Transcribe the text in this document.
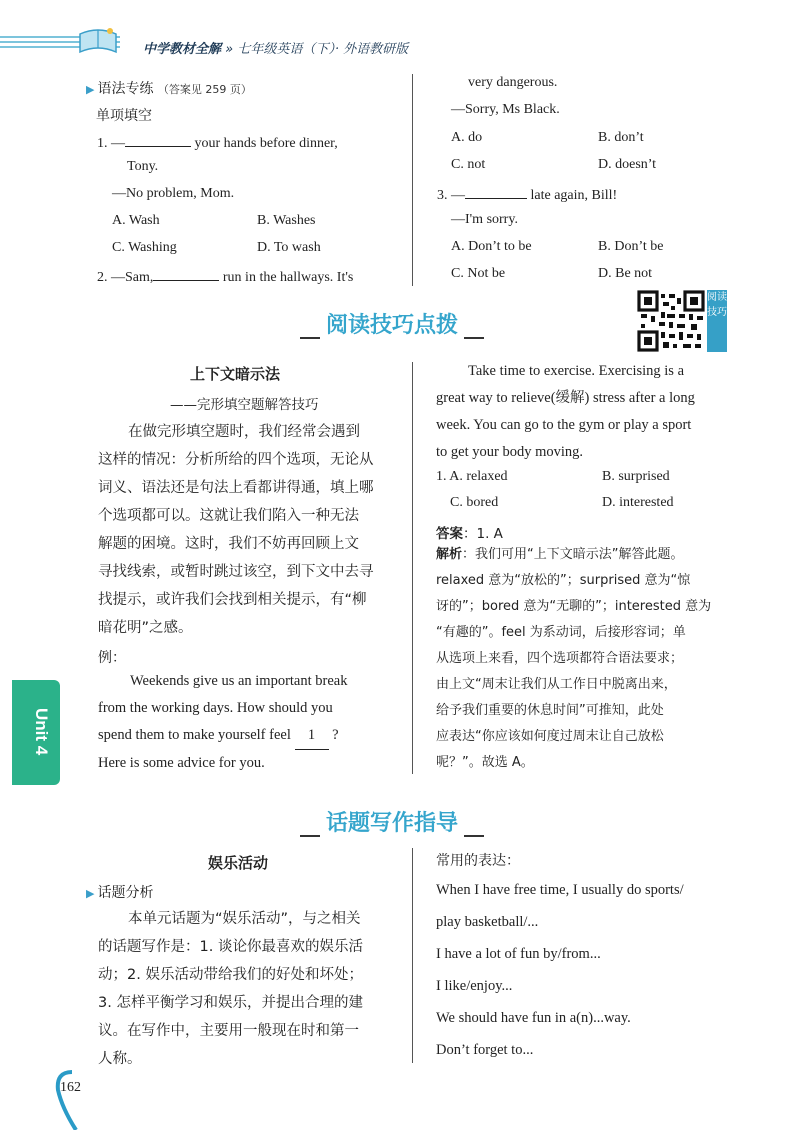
中学教材全解 » 七年级英语（下）· 外语教研版
▶ 语法专练 （答案见 259 页）
单项填空
1. —	your hands before dinner,
Tony.
—No problem, Mom.
A. Wash	B. Washes
C. Washing	D. To wash
2. —Sam,	run in the hallways. It's
very dangerous.
—Sorry, Ms Black.
A. do	B. don’t
C. not	D. doesn’t
3. —	late again, Bill!
—I'm sorry.
A. Don’t to be	B. Don’t be
C. Not be	D. Be not
阅读技巧点拨
阅读技巧
上下文暗示法
——完形填空题解答技巧
在做完形填空题时，我们经常会遇到
这样的情况：分析所给的四个选项，无论从
词义、语法还是句法上看都讲得通，填上哪
个选项都可以。这就让我们陷入一种无法
解题的困境。这时，我们不妨再回顾上文
寻找线索，或暂时跳过该空，到下文中去寻
找提示，或许我们会找到相关提示，有“柳
暗花明”之感。
例：
Weekends give us an important break
from the working days. How should you
spend them to make yourself feel 1 ?
Here is some advice for you.
Take time to exercise. Exercising is a
great way to relieve(缓解) stress after a long
week. You can go to the gym or play a sport
to get your body moving.
1. A. relaxed	B. surprised
C. bored	D. interested
答案：1. A
解析：我们可用“上下文暗示法”解答此题。
relaxed 意为“放松的”；surprised 意为“惊
讶的”；bored 意为“无聊的”；interested 意为
“有趣的”。feel 为系动词，后接形容词；单
从选项上来看，四个选项都符合语法要求；
由上文“周末让我们从工作日中脱离出来，
给予我们重要的休息时间”可推知，此处
应表达“你应该如何度过周末让自己放松
呢？”。故选 A。
Unit 4
话题写作指导
娱乐活动
▶ 话题分析
本单元话题为“娱乐活动”，与之相关
的话题写作是：1. 谈论你最喜欢的娱乐活
动；2. 娱乐活动带给我们的好处和坏处；
3. 怎样平衡学习和娱乐，并提出合理的建
议。在写作中，主要用一般现在时和第一
人称。
常用的表达：
When I have free time, I usually do sports/
play basketball/...
I have a lot of fun by/from...
I like/enjoy...
We should have fun in a(n)...way.
Don’t forget to...
162
